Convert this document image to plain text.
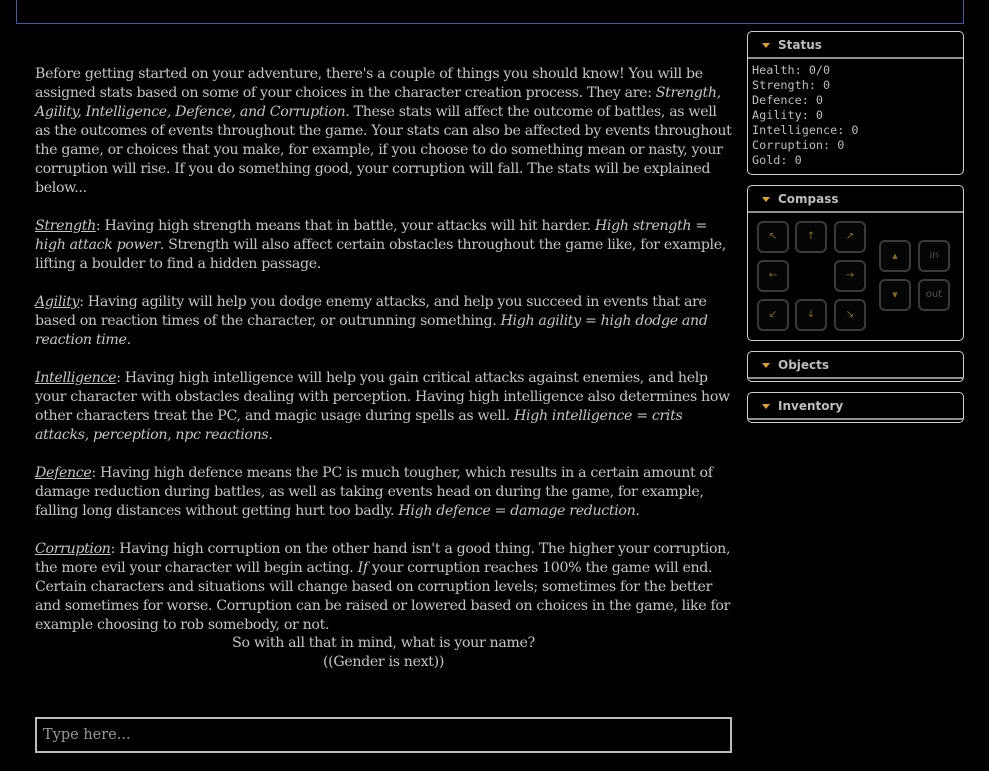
Before getting started on your adventure, there's a couple of things you should know! You will be assigned stats based on some of your choices in the character creation process. They are: Strength, Agility, Intelligence, Defence, and Corruption. These stats will affect the outcome of battles, as well as the outcomes of events throughout the game. Your stats can also be affected by events throughout the game, or choices that you make, for example, if you choose to do something mean or nasty, your corruption will rise. If you do something good, your corruption will fall. The stats will be explained below...

Strength: Having high strength means that in battle, your attacks will hit harder. High strength = high attack power. Strength will also affect certain obstacles throughout the game like, for example, lifting a boulder to find a hidden passage.

Agility: Having agility will help you dodge enemy attacks, and help you succeed in events that are based on reaction times of the character, or outrunning something. High agility = high dodge and reaction time.

Intelligence: Having high intelligence will help you gain critical attacks against enemies, and help your character with obstacles dealing with perception. Having high intelligence also determines how other characters treat the PC, and magic usage during spells as well. High intelligence = crits attacks, perception, npc reactions.

Defence: Having high defence means the PC is much tougher, which results in a certain amount of damage reduction during battles, as well as taking events head on during the game, for example, falling long distances without getting hurt too badly. High defence = damage reduction.

Corruption: Having high corruption on the other hand isn't a good thing. The higher your corruption, the more evil your character will begin acting. If your corruption reaches 100% the game will end. Certain characters and situations will change based on corruption levels; sometimes for the better and sometimes for worse. Corruption can be raised or lowered based on choices in the game, like for example choosing to rob somebody, or not.

So with all that in mind, what is your name?
((Gender is next))
Type here...
Status
Health: 0/0
Strength: 0
Defence: 0
Agility: 0
Intelligence: 0
Corruption: 0
Gold: 0
Compass
↖	↑	↗
←	→
↙	↓	↘
▲	in
▼	out
Objects
Inventory
